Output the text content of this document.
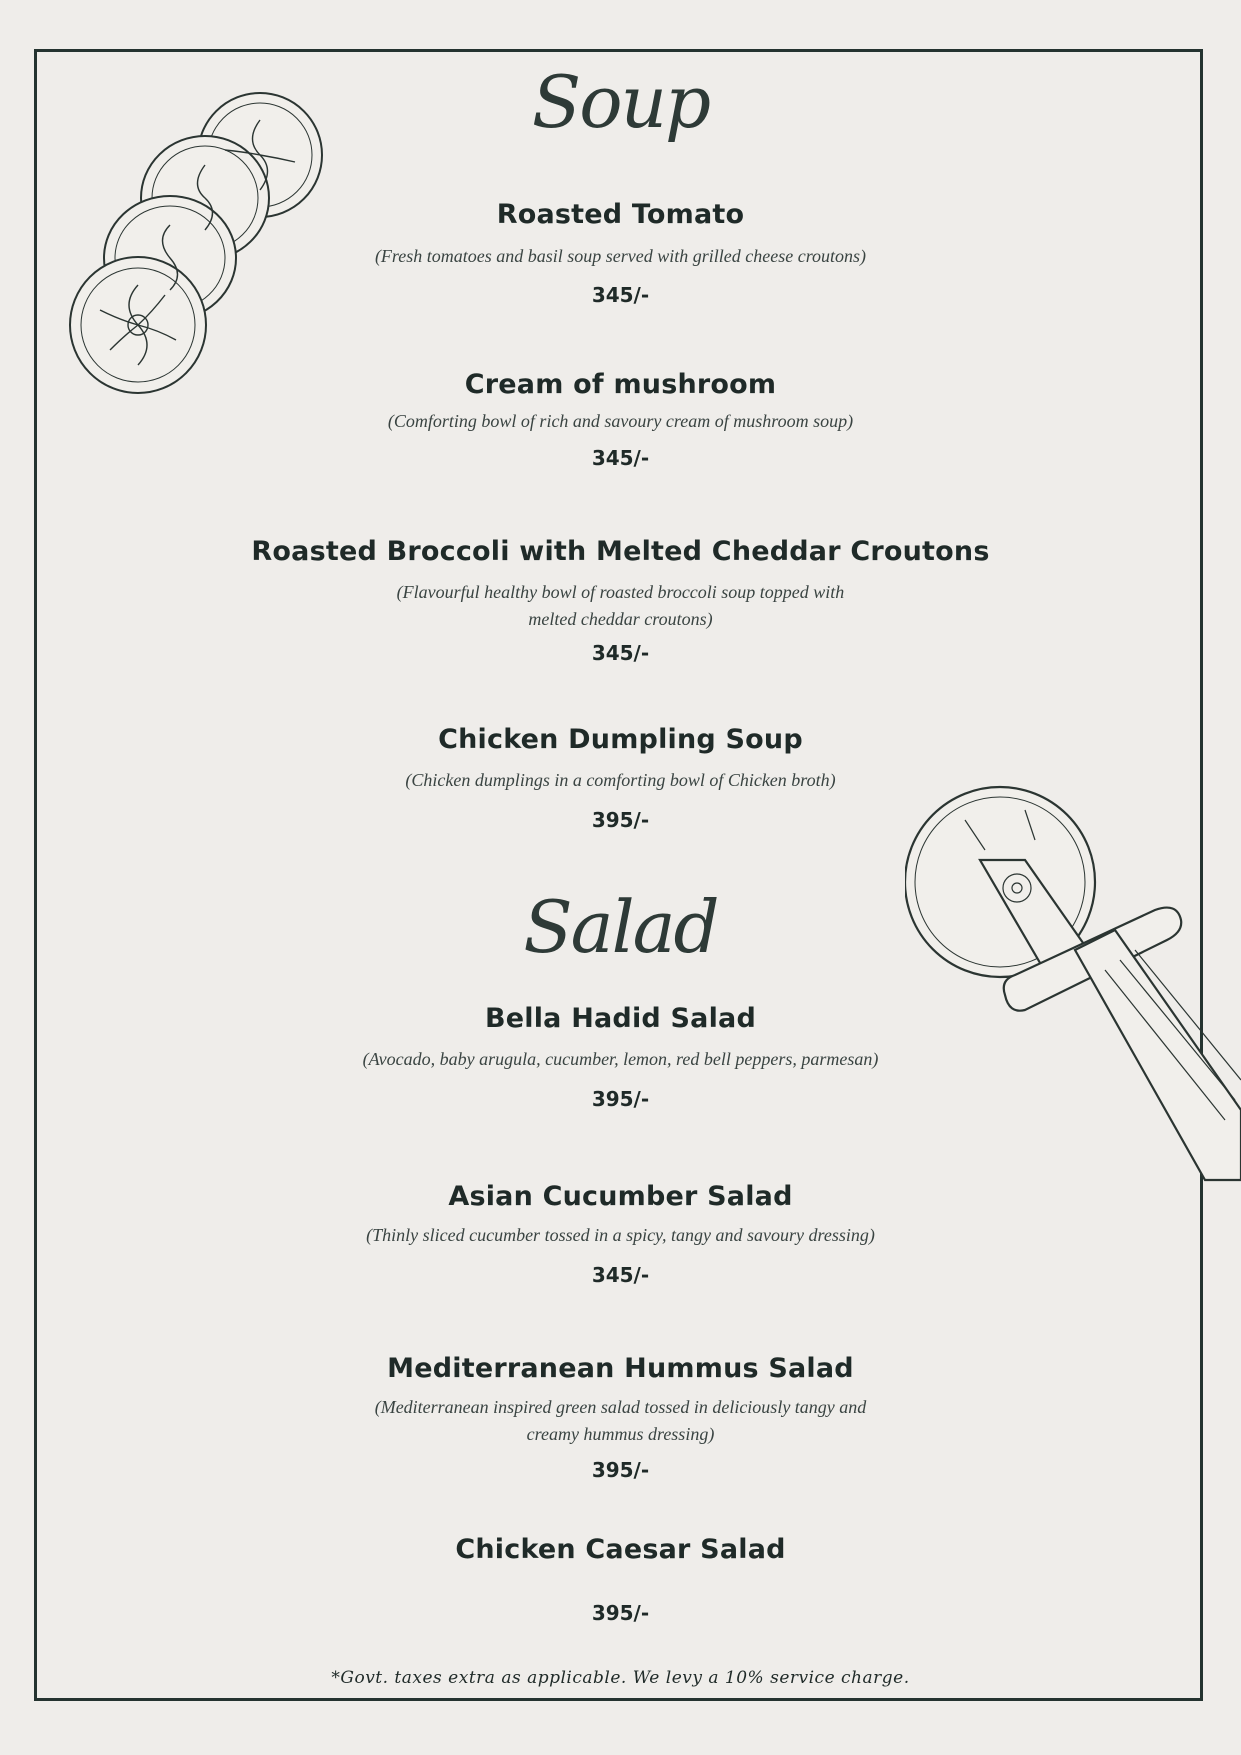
Soup
Roasted Tomato
(Fresh tomatoes and basil soup served with grilled cheese croutons)
345/-
Cream of mushroom
(Comforting bowl of rich and savoury cream of mushroom soup)
345/-
Roasted Broccoli with Melted Cheddar Croutons
(Flavourful healthy bowl of roasted broccoli soup topped with
melted cheddar croutons)
345/-
Chicken Dumpling Soup
(Chicken dumplings in a comforting bowl of Chicken broth)
395/-
Salad
Bella Hadid Salad
(Avocado, baby arugula, cucumber, lemon, red bell peppers, parmesan)
395/-
Asian Cucumber Salad
(Thinly sliced cucumber tossed in a spicy, tangy and savoury dressing)
345/-
Mediterranean Hummus Salad
(Mediterranean inspired green salad tossed in deliciously tangy and
creamy hummus dressing)
395/-
Chicken Caesar Salad
395/-
*Govt. taxes extra as applicable. We levy a 10% service charge.
